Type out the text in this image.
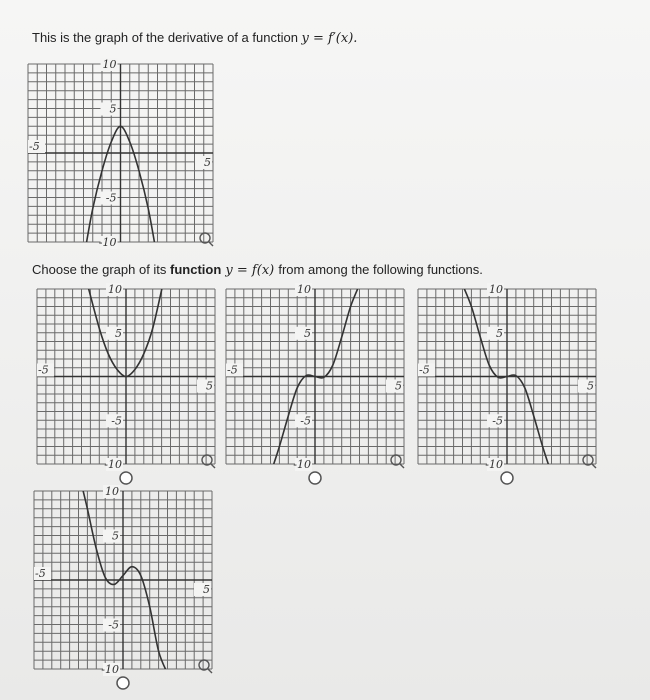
This is the graph of the derivative of a function y = f′(x).
10
5
-5
-10
-5
5
Choose the graph of its function y = f(x) from among the following functions.
10
5
-5
-10
-5
5
10
5
-5
-10
-5
5
10
5
-5
-10
-5
5
10
5
-5
-10
-5
5
